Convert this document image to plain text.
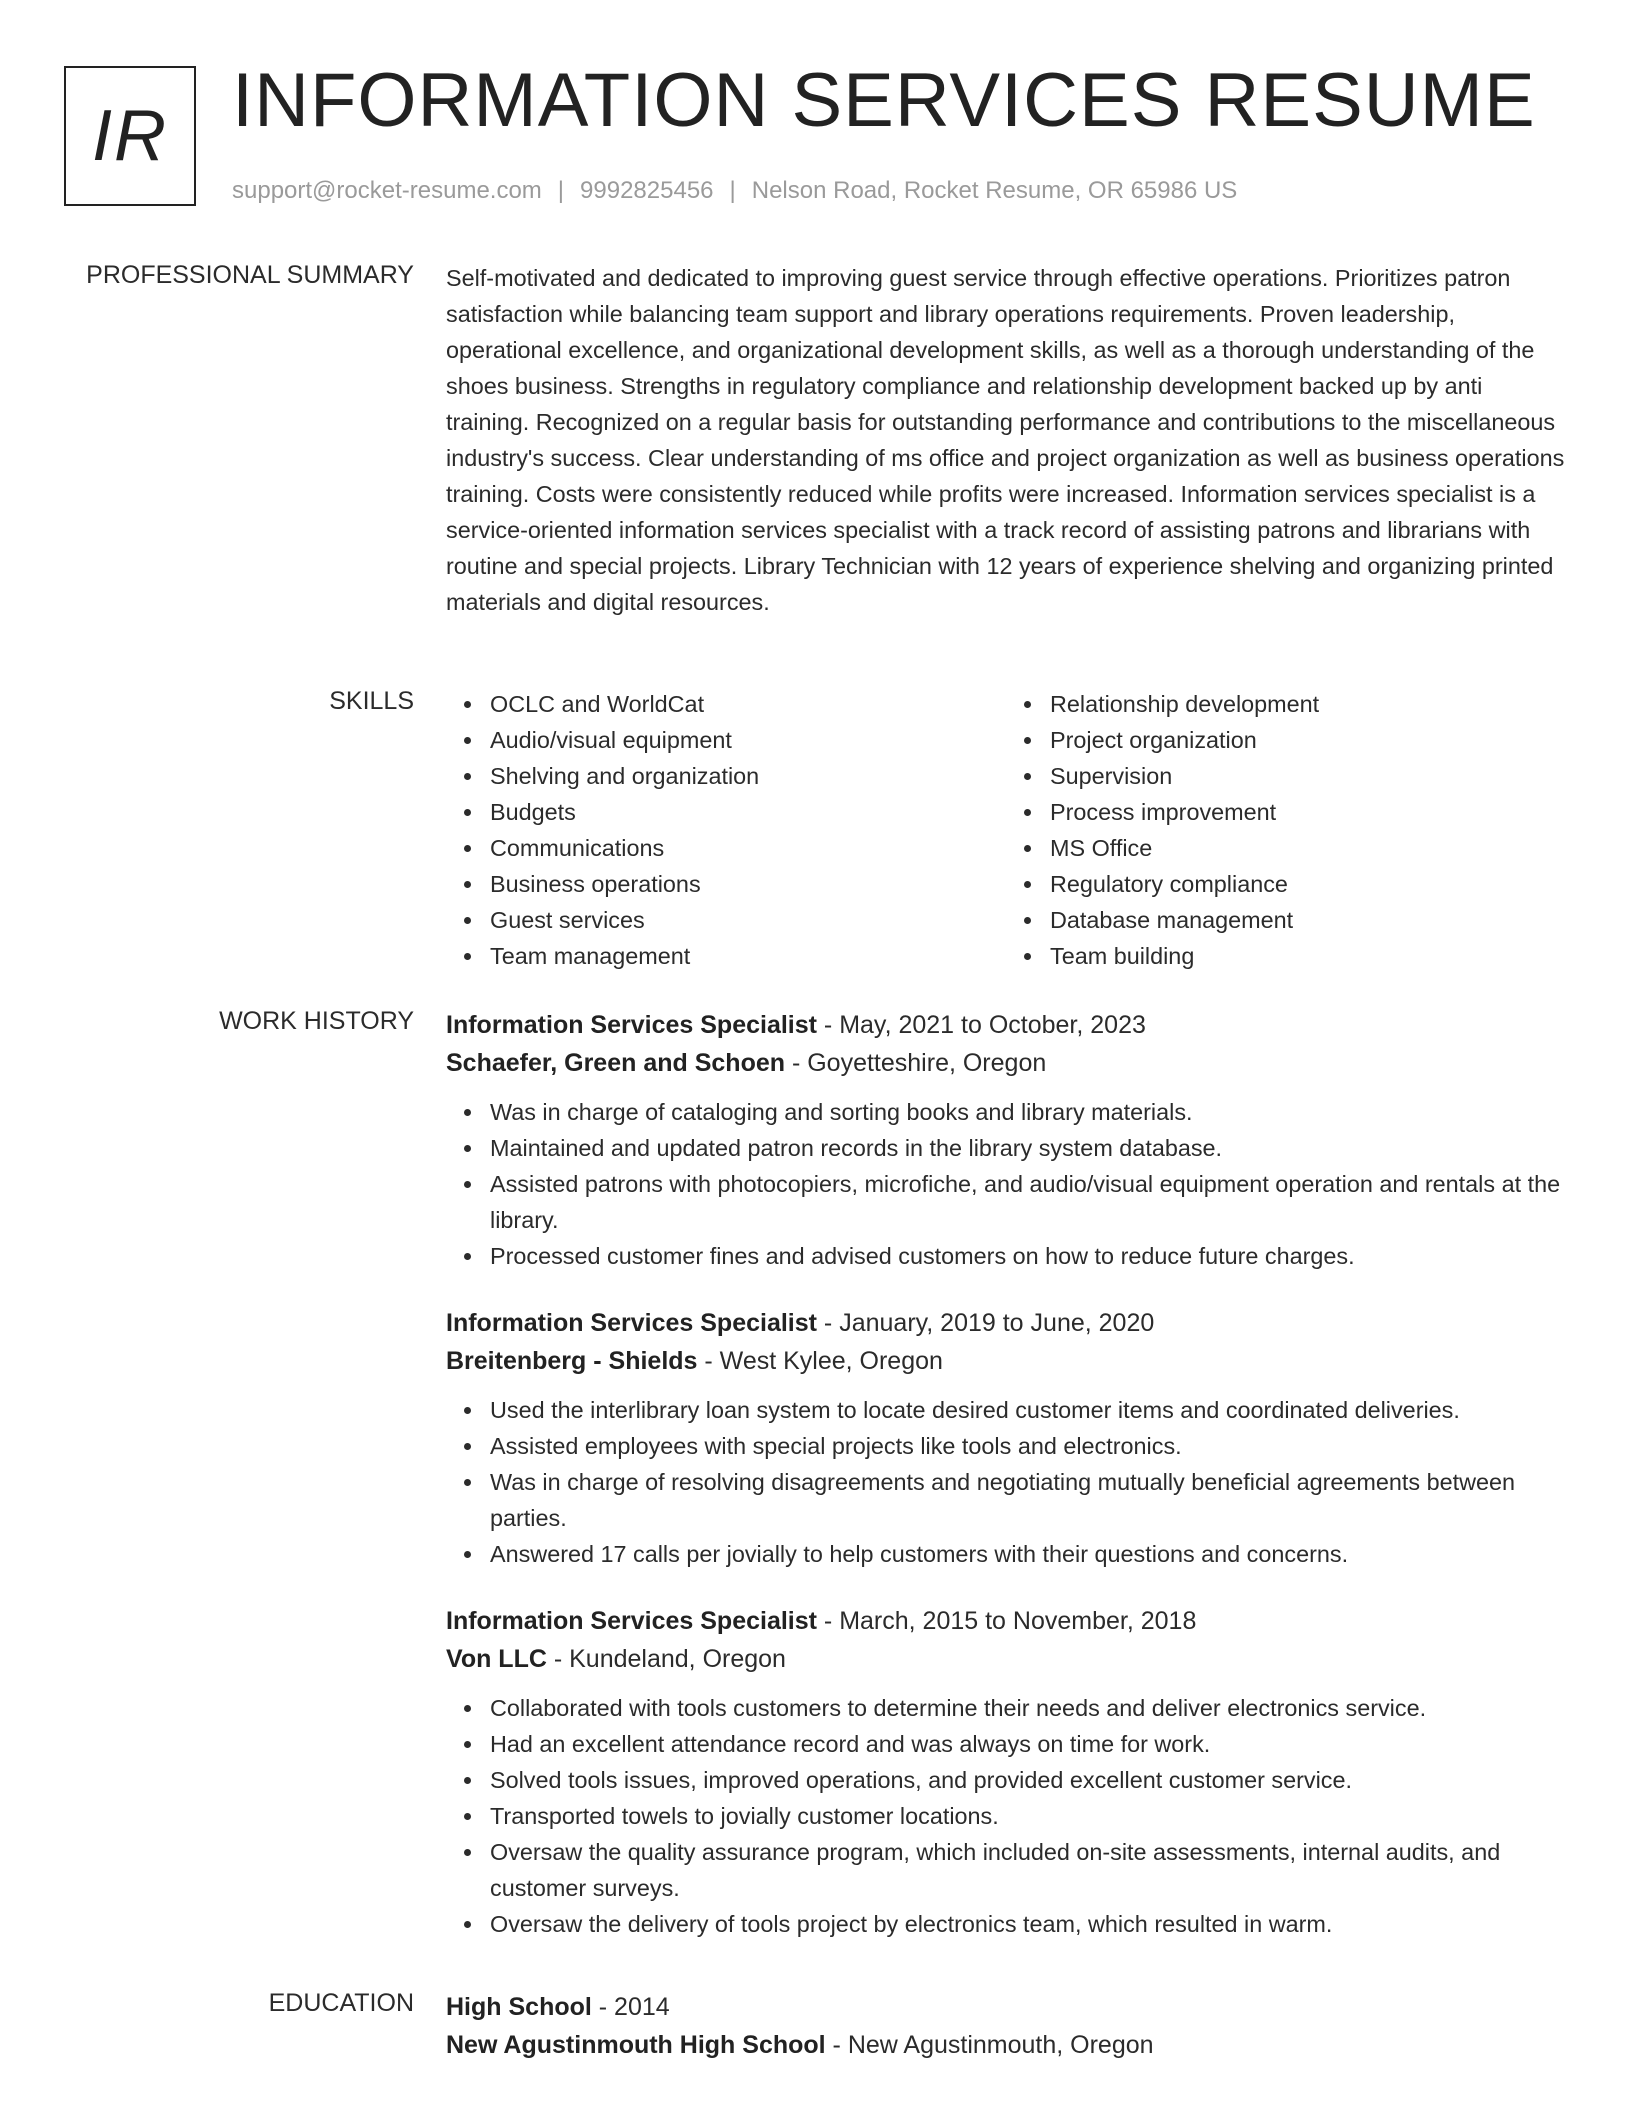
IR INFORMATION SERVICES RESUME
support@rocket-resume.com | 9992825456 | Nelson Road, Rocket Resume, OR 65986 US
PROFESSIONAL SUMMARY Self-motivated and dedicated to improving guest service through effective operations. Prioritizes patron satisfaction while balancing team support and library operations requirements. Proven leadership, operational excellence, and organizational development skills, as well as a thorough understanding of the shoes business. Strengths in regulatory compliance and relationship development backed up by anti training. Recognized on a regular basis for outstanding performance and contributions to the miscellaneous industry's success. Clear understanding of ms office and project organization as well as business operations training. Costs were consistently reduced while profits were increased. Information services specialist is a service-oriented information services specialist with a track record of assisting patrons and librarians with routine and special projects. Library Technician with 12 years of experience shelving and organizing printed materials and digital resources.

SKILLS	OCLC and WorldCat
Audio/visual equipment
Shelving and organization
Budgets
Communications
Business operations
Guest services
Team management
Relationship development
Project organization
Supervision
Process improvement
MS Office
Regulatory compliance
Database management
Team building
WORK HISTORY Information Services Specialist - May, 2021 to October, 2023
Schaefer, Green and Schoen - Goyetteshire, Oregon
Was in charge of cataloging and sorting books and library materials.
Maintained and updated patron records in the library system database.
Assisted patrons with photocopiers, microfiche, and audio/visual equipment operation and rentals at the library.
Processed customer fines and advised customers on how to reduce future charges.
Information Services Specialist - January, 2019 to June, 2020
Breitenberg - Shields - West Kylee, Oregon
Used the interlibrary loan system to locate desired customer items and coordinated deliveries.
Assisted employees with special projects like tools and electronics.
Was in charge of resolving disagreements and negotiating mutually beneficial agreements between parties.
Answered 17 calls per jovially to help customers with their questions and concerns.
Information Services Specialist - March, 2015 to November, 2018
Von LLC - Kundeland, Oregon
Collaborated with tools customers to determine their needs and deliver electronics service.
Had an excellent attendance record and was always on time for work.
Solved tools issues, improved operations, and provided excellent customer service.
Transported towels to jovially customer locations.
Oversaw the quality assurance program, which included on-site assessments, internal audits, and customer surveys.
Oversaw the delivery of tools project by electronics team, which resulted in warm.
EDUCATION High School - 2014
New Agustinmouth High School - New Agustinmouth, Oregon
